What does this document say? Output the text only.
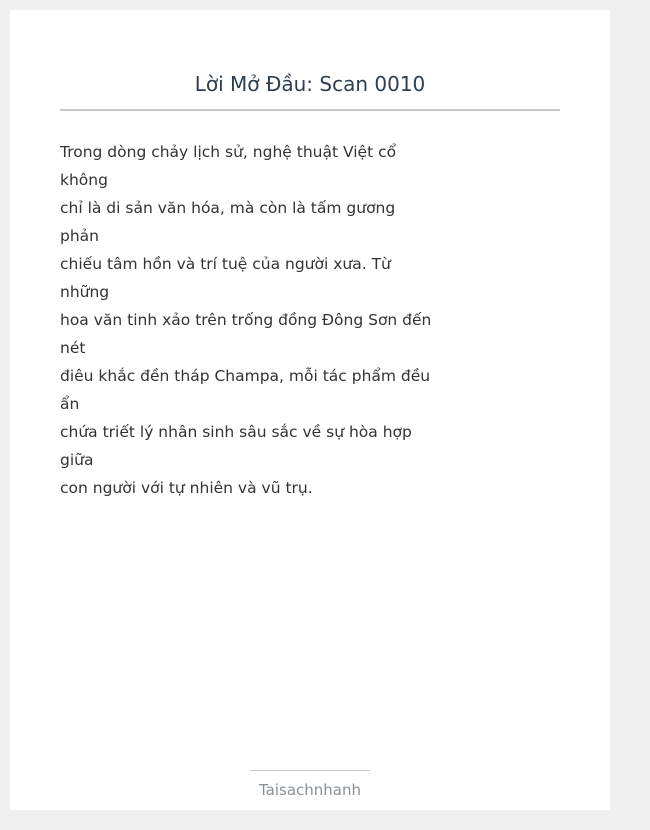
Lời Mở Đầu: Scan 0010
Trong dòng chảy lịch sử, nghệ thuật Việt cổ
không
chỉ là di sản văn hóa, mà còn là tấm gương
phản
chiếu tâm hồn và trí tuệ của người xưa. Từ
những
hoa văn tinh xảo trên trống đồng Đông Sơn đến
nét
điêu khắc đền tháp Champa, mỗi tác phẩm đều
ẩn
chứa triết lý nhân sinh sâu sắc về sự hòa hợp
giữa
con người với tự nhiên và vũ trụ.
Taisachnhanh
